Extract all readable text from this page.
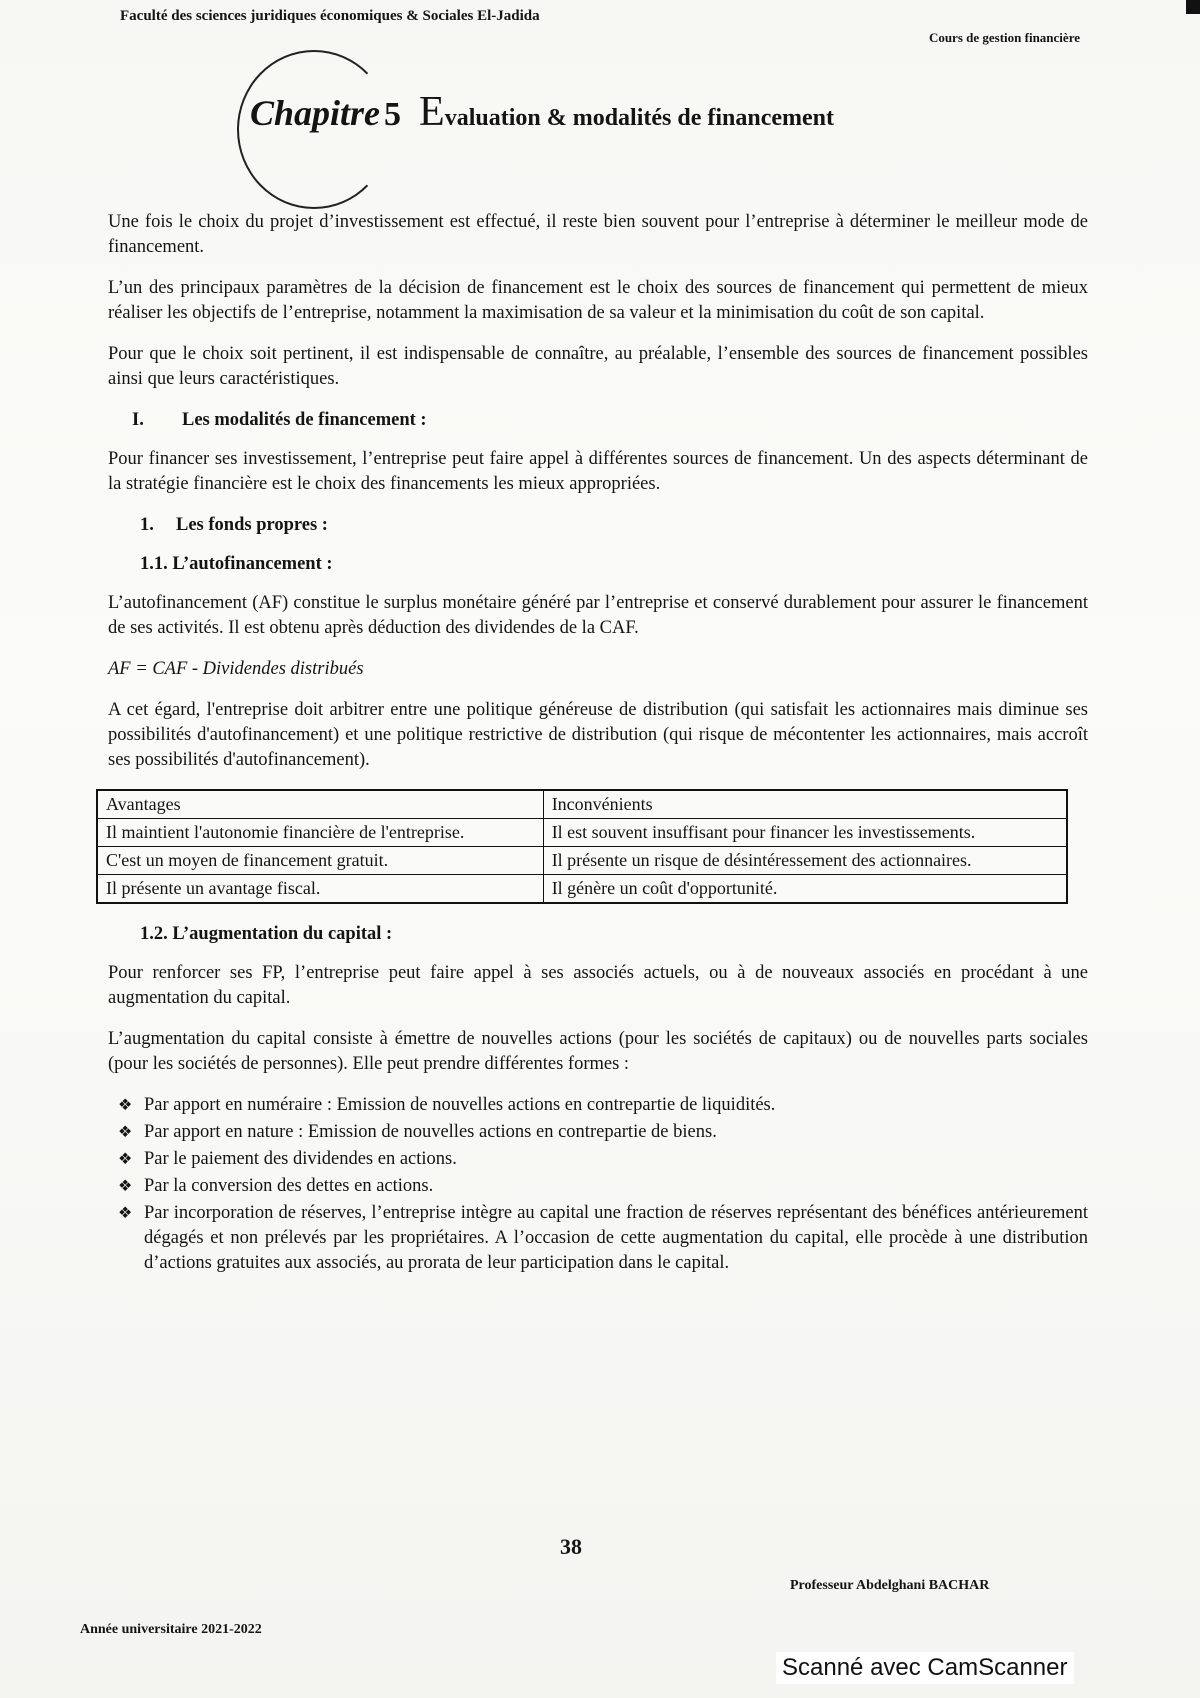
Faculté des sciences juridiques économiques & Sociales El-Jadida
Cours de gestion financière
Chapitre 5 Evaluation & modalités de financement

Une fois le choix du projet d’investissement est effectué, il reste bien souvent pour l’entreprise à déterminer le meilleur mode de financement.

L’un des principaux paramètres de la décision de financement est le choix des sources de financement qui permettent de mieux réaliser les objectifs de l’entreprise, notamment la maximisation de sa valeur et la minimisation du coût de son capital.

Pour que le choix soit pertinent, il est indispensable de connaître, au préalable, l’ensemble des sources de financement possibles ainsi que leurs caractéristiques.

I. Les modalités de financement :

Pour financer ses investissement, l’entreprise peut faire appel à différentes sources de financement. Un des aspects déterminant de la stratégie financière est le choix des financements les mieux appropriées.

1. Les fonds propres :
1.1. L’autofinancement :

L’autofinancement (AF) constitue le surplus monétaire généré par l’entreprise et conservé durablement pour assurer le financement de ses activités. Il est obtenu après déduction des dividendes de la CAF.

AF = CAF - Dividendes distribués

A cet égard, l'entreprise doit arbitrer entre une politique généreuse de distribution (qui satisfait les actionnaires mais diminue ses possibilités d'autofinancement) et une politique restrictive de distribution (qui risque de mécontenter les actionnaires, mais accroît ses possibilités d'autofinancement).

Avantages	Inconvénients
Il maintient l'autonomie financière de l'entreprise.	Il est souvent insuffisant pour financer les investissements.
C'est un moyen de financement gratuit.	Il présente un risque de désintéressement des actionnaires.
Il présente un avantage fiscal.	Il génère un coût d'opportunité.
1.2. L’augmentation du capital :

Pour renforcer ses FP, l’entreprise peut faire appel à ses associés actuels, ou à de nouveaux associés en procédant à une augmentation du capital.

L’augmentation du capital consiste à émettre de nouvelles actions (pour les sociétés de capitaux) ou de nouvelles parts sociales (pour les sociétés de personnes). Elle peut prendre différentes formes :

❖ Par apport en numéraire : Emission de nouvelles actions en contrepartie de liquidités.
❖ Par apport en nature : Emission de nouvelles actions en contrepartie de biens.
❖ Par le paiement des dividendes en actions.
❖ Par la conversion des dettes en actions.
❖ Par incorporation de réserves, l’entreprise intègre au capital une fraction de réserves représentant des bénéfices antérieurement dégagés et non prélevés par les propriétaires. A l’occasion de cette augmentation du capital, elle procède à une distribution d’actions gratuites aux associés, au prorata de leur participation dans le capital.
38
Professeur Abdelghani BACHAR
Année universitaire 2021-2022
Scanné avec CamScanner
